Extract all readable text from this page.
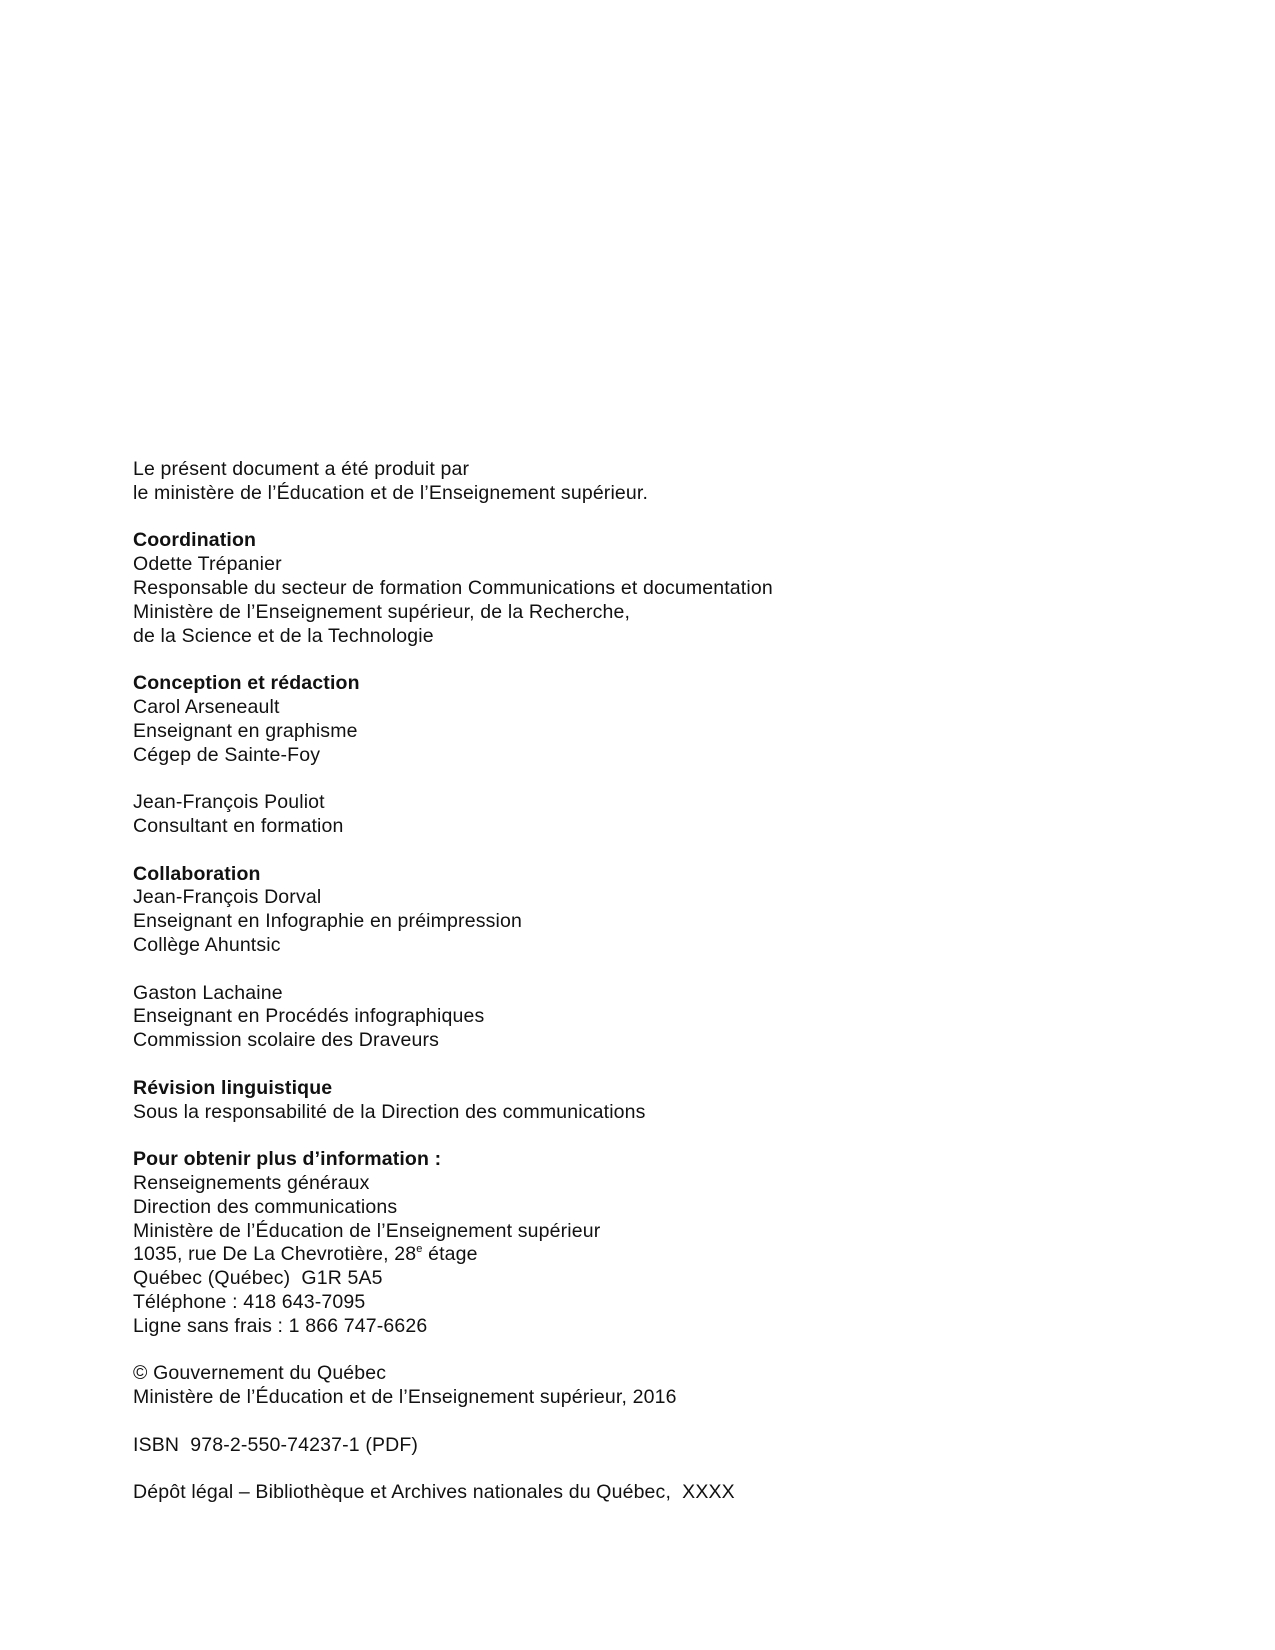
Le présent document a été produit par
le ministère de l’Éducation et de l’Enseignement supérieur.
Coordination
Odette Trépanier
Responsable du secteur de formation Communications et documentation
Ministère de l’Enseignement supérieur, de la Recherche,
de la Science et de la Technologie
Conception et rédaction
Carol Arseneault
Enseignant en graphisme
Cégep de Sainte-Foy
Jean-François Pouliot
Consultant en formation
Collaboration
Jean-François Dorval
Enseignant en Infographie en préimpression
Collège Ahuntsic
Gaston Lachaine
Enseignant en Procédés infographiques
Commission scolaire des Draveurs
Révision linguistique
Sous la responsabilité de la Direction des communications
Pour obtenir plus d’information :
Renseignements généraux
Direction des communications
Ministère de l’Éducation de l’Enseignement supérieur
1035, rue De La Chevrotière, 28e étage
Québec (Québec)  G1R 5A5
Téléphone : 418 643-7095
Ligne sans frais : 1 866 747-6626
© Gouvernement du Québec
Ministère de l’Éducation et de l’Enseignement supérieur, 2016
ISBN  978-2-550-74237-1 (PDF)
Dépôt légal – Bibliothèque et Archives nationales du Québec,  XXXX
